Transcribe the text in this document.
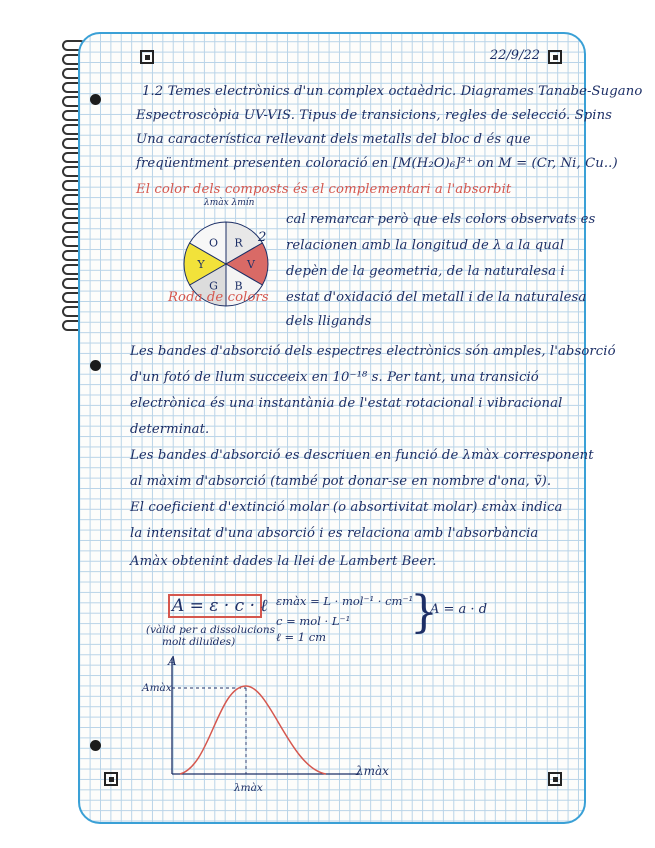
22/9/22
1.2 Temes electrònics d'un complex octaèdric. Diagrames Tanabe-Sugano
Espectroscòpia UV-VIS. Tipus de transicions, regles de selecció. Spins
Una característica rellevant dels metalls del bloc d és que
freqüentment presenten coloració en [M(H₂O)₆]²⁺ on M = (Cr, Ni, Cu..)
El color dels composts és el complementari a l'absorbit
R
V
B
G
Y
O
λmàx λmín
2
Roda de colors
cal remarcar però que els colors observats es
relacionen amb la longitud de λ a la qual
depèn de la geometria, de la naturalesa i
estat d'oxidació del metall i de la naturalesa
dels lligands
Les bandes d'absorció dels espectres electrònics són amples, l'absorció
d'un fotó de llum succeeix en 10⁻¹⁸ s. Per tant, una transició
electrònica és una instantània de l'estat rotacional i vibracional
determinat.
Les bandes d'absorció es descriuen en funció de λmàx corresponent
al màxim d'absorció (també pot donar-se en nombre d'ona, ṽ).
El coeficient d'extinció molar (o absortivitat molar) εmàx indica
la intensitat d'una absorció i es relaciona amb l'absorbància
Amàx obtenint dades la llei de Lambert Beer.
A = ε · c · ℓ
(vàlid per a dissolucions
molt diluïdes)
εmàx = L · mol⁻¹ · cm⁻¹
c = mol · L⁻¹
ℓ = 1 cm }
A = a · d
A
Amàx
λmàx
λmàx
